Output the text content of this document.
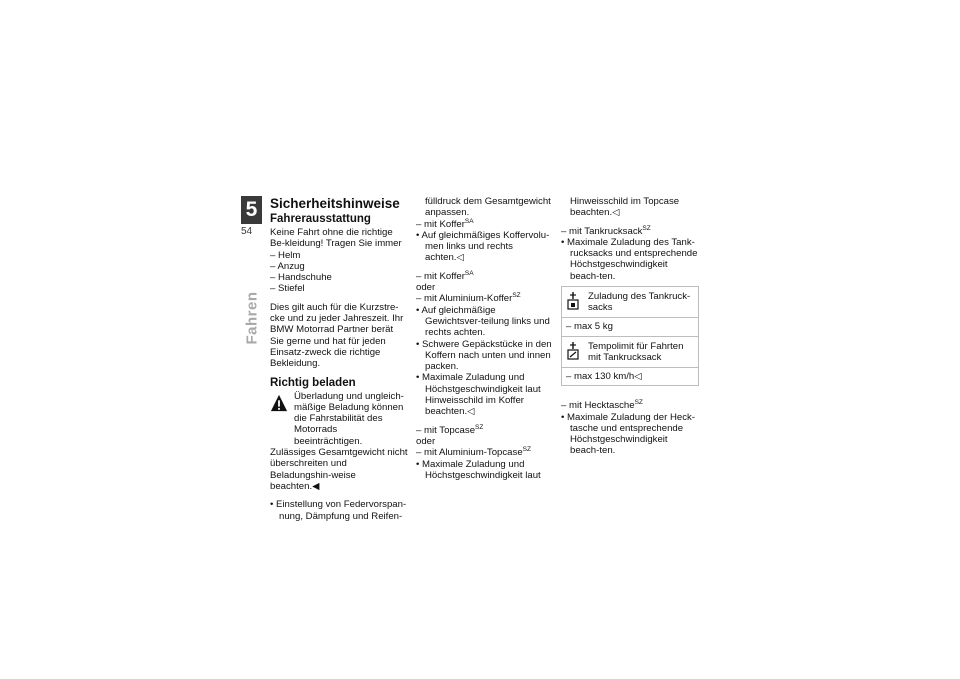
5
54
Fahren
Sicherheitshinweise
Fahrerausstattung

Keine Fahrt ohne die richtige Be-kleidung! Tragen Sie immer

– Helm

– Anzug

– Handschuhe

– Stiefel

Dies gilt auch für die Kurzstre-cke und zu jeder Jahreszeit. Ihr BMW Motorrad Partner berät Sie gerne und hat für jeden Einsatz-zweck die richtige Bekleidung.

Richtig beladen

Überladung und ungleich-mäßige Beladung können die Fahrstabilität des Motorrads beeinträchtigen.

Zulässiges Gesamtgewicht nicht überschreiten und Beladungshin-weise beachten.◀

• Einstellung von Federvorspan-nung, Dämpfung und Reifen-

fülldruck dem Gesamtgewicht anpassen.

– mit Koffer$^{SA}$

• Auf gleichmäßiges Koffervolu-men links und rechts achten.◁

– mit Koffer$^{SA}$

oder

– mit Aluminium-Koffer$^{SZ}$

• Auf gleichmäßige Gewichtsver-teilung links und rechts achten.

• Schwere Gepäckstücke in den Koffern nach unten und innen packen.

• Maximale Zuladung und Höchstgeschwindigkeit laut Hinweisschild im Koffer beachten.◁

– mit Topcase$^{SZ}$

oder

– mit Aluminium-Topcase$^{SZ}$

• Maximale Zuladung und Höchstgeschwindigkeit laut

Hinweisschild im Topcase beachten.◁

– mit Tankrucksack$^{SZ}$

• Maximale Zuladung des Tank-rucksacks und entsprechende Höchstgeschwindigkeit beach-ten.

Zuladung des Tankruck-sacks
– max 5 kg
Tempolimit für Fahrten mit Tankrucksack
– max 130 km/h◁

– mit Hecktasche$^{SZ}$

• Maximale Zuladung der Heck-tasche und entsprechende Höchstgeschwindigkeit beach-ten.
